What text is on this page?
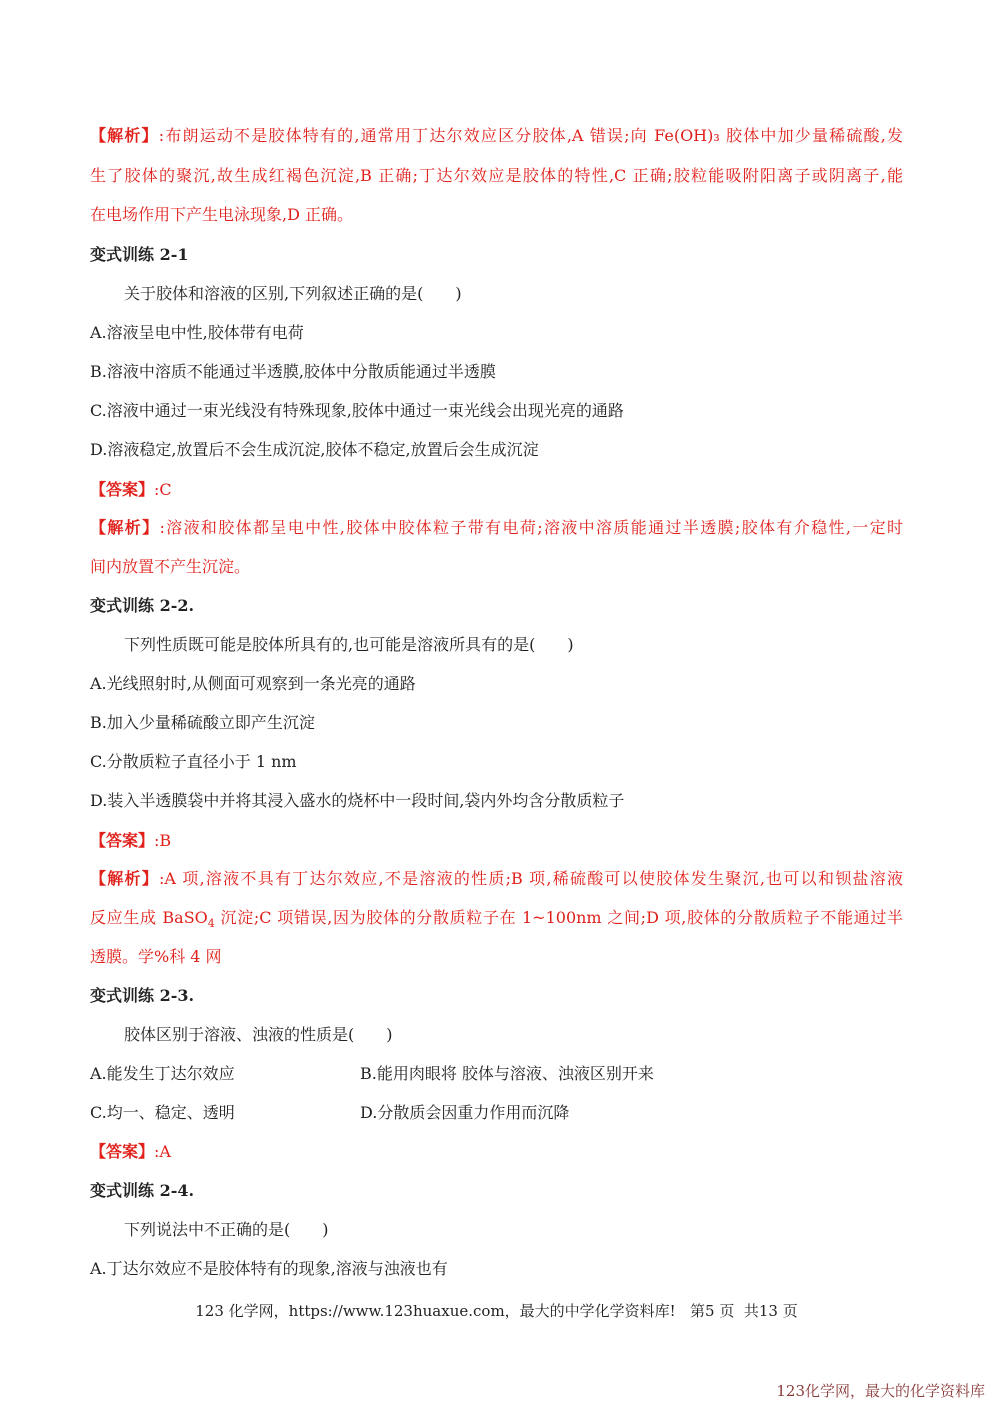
【解析】:布朗运动不是胶体特有的,通常用丁达尔效应区分胶体,A 错误;向 Fe(OH)₃ 胶体中加少量稀硫酸,发
生了胶体的聚沉,故生成红褐色沉淀,B 正确;丁达尔效应是胶体的特性,C 正确;胶粒能吸附阳离子或阴离子,能
在电场作用下产生电泳现象,D 正确。
变式训练 2-1
关于胶体和溶液的区别,下列叙述正确的是(　　)
A.溶液呈电中性,胶体带有电荷
B.溶液中溶质不能通过半透膜,胶体中分散质能通过半透膜
C.溶液中通过一束光线没有特殊现象,胶体中通过一束光线会出现光亮的通路
D.溶液稳定,放置后不会生成沉淀,胶体不稳定,放置后会生成沉淀
【答案】:C
【解析】:溶液和胶体都呈电中性,胶体中胶体粒子带有电荷;溶液中溶质能通过半透膜;胶体有介稳性,一定时
间内放置不产生沉淀。
变式训练 2-2.
下列性质既可能是胶体所具有的,也可能是溶液所具有的是(　　)
A.光线照射时,从侧面可观察到一条光亮的通路
B.加入少量稀硫酸立即产生沉淀
C.分散质粒子直径小于 1 nm
D.装入半透膜袋中并将其浸入盛水的烧杯中一段时间,袋内外均含分散质粒子
【答案】:B
【解析】:A 项,溶液不具有丁达尔效应,不是溶液的性质;B 项,稀硫酸可以使胶体发生聚沉,也可以和钡盐溶液
反应生成 BaSO$_4$ 沉淀;C 项错误,因为胶体的分散质粒子在 1~100nm 之间;D 项,胶体的分散质粒子不能通过半
透膜。学%科 4 网
变式训练 2-3.
胶体区别于溶液、浊液的性质是(　　)
A.能发生丁达尔效应	B.能用肉眼将 胶体与溶液、浊液区别开来
C.均一、稳定、透明	D.分散质会因重力作用而沉降
【答案】:A
变式训练 2-4.
下列说法中不正确的是(　　)
A.丁达尔效应不是胶体特有的现象,溶液与浊液也有
123 化学网，https://www.123huaxue.com，最大的中学化学资料库! 第5 页  共13 页
123化学网，最大的化学资料库
